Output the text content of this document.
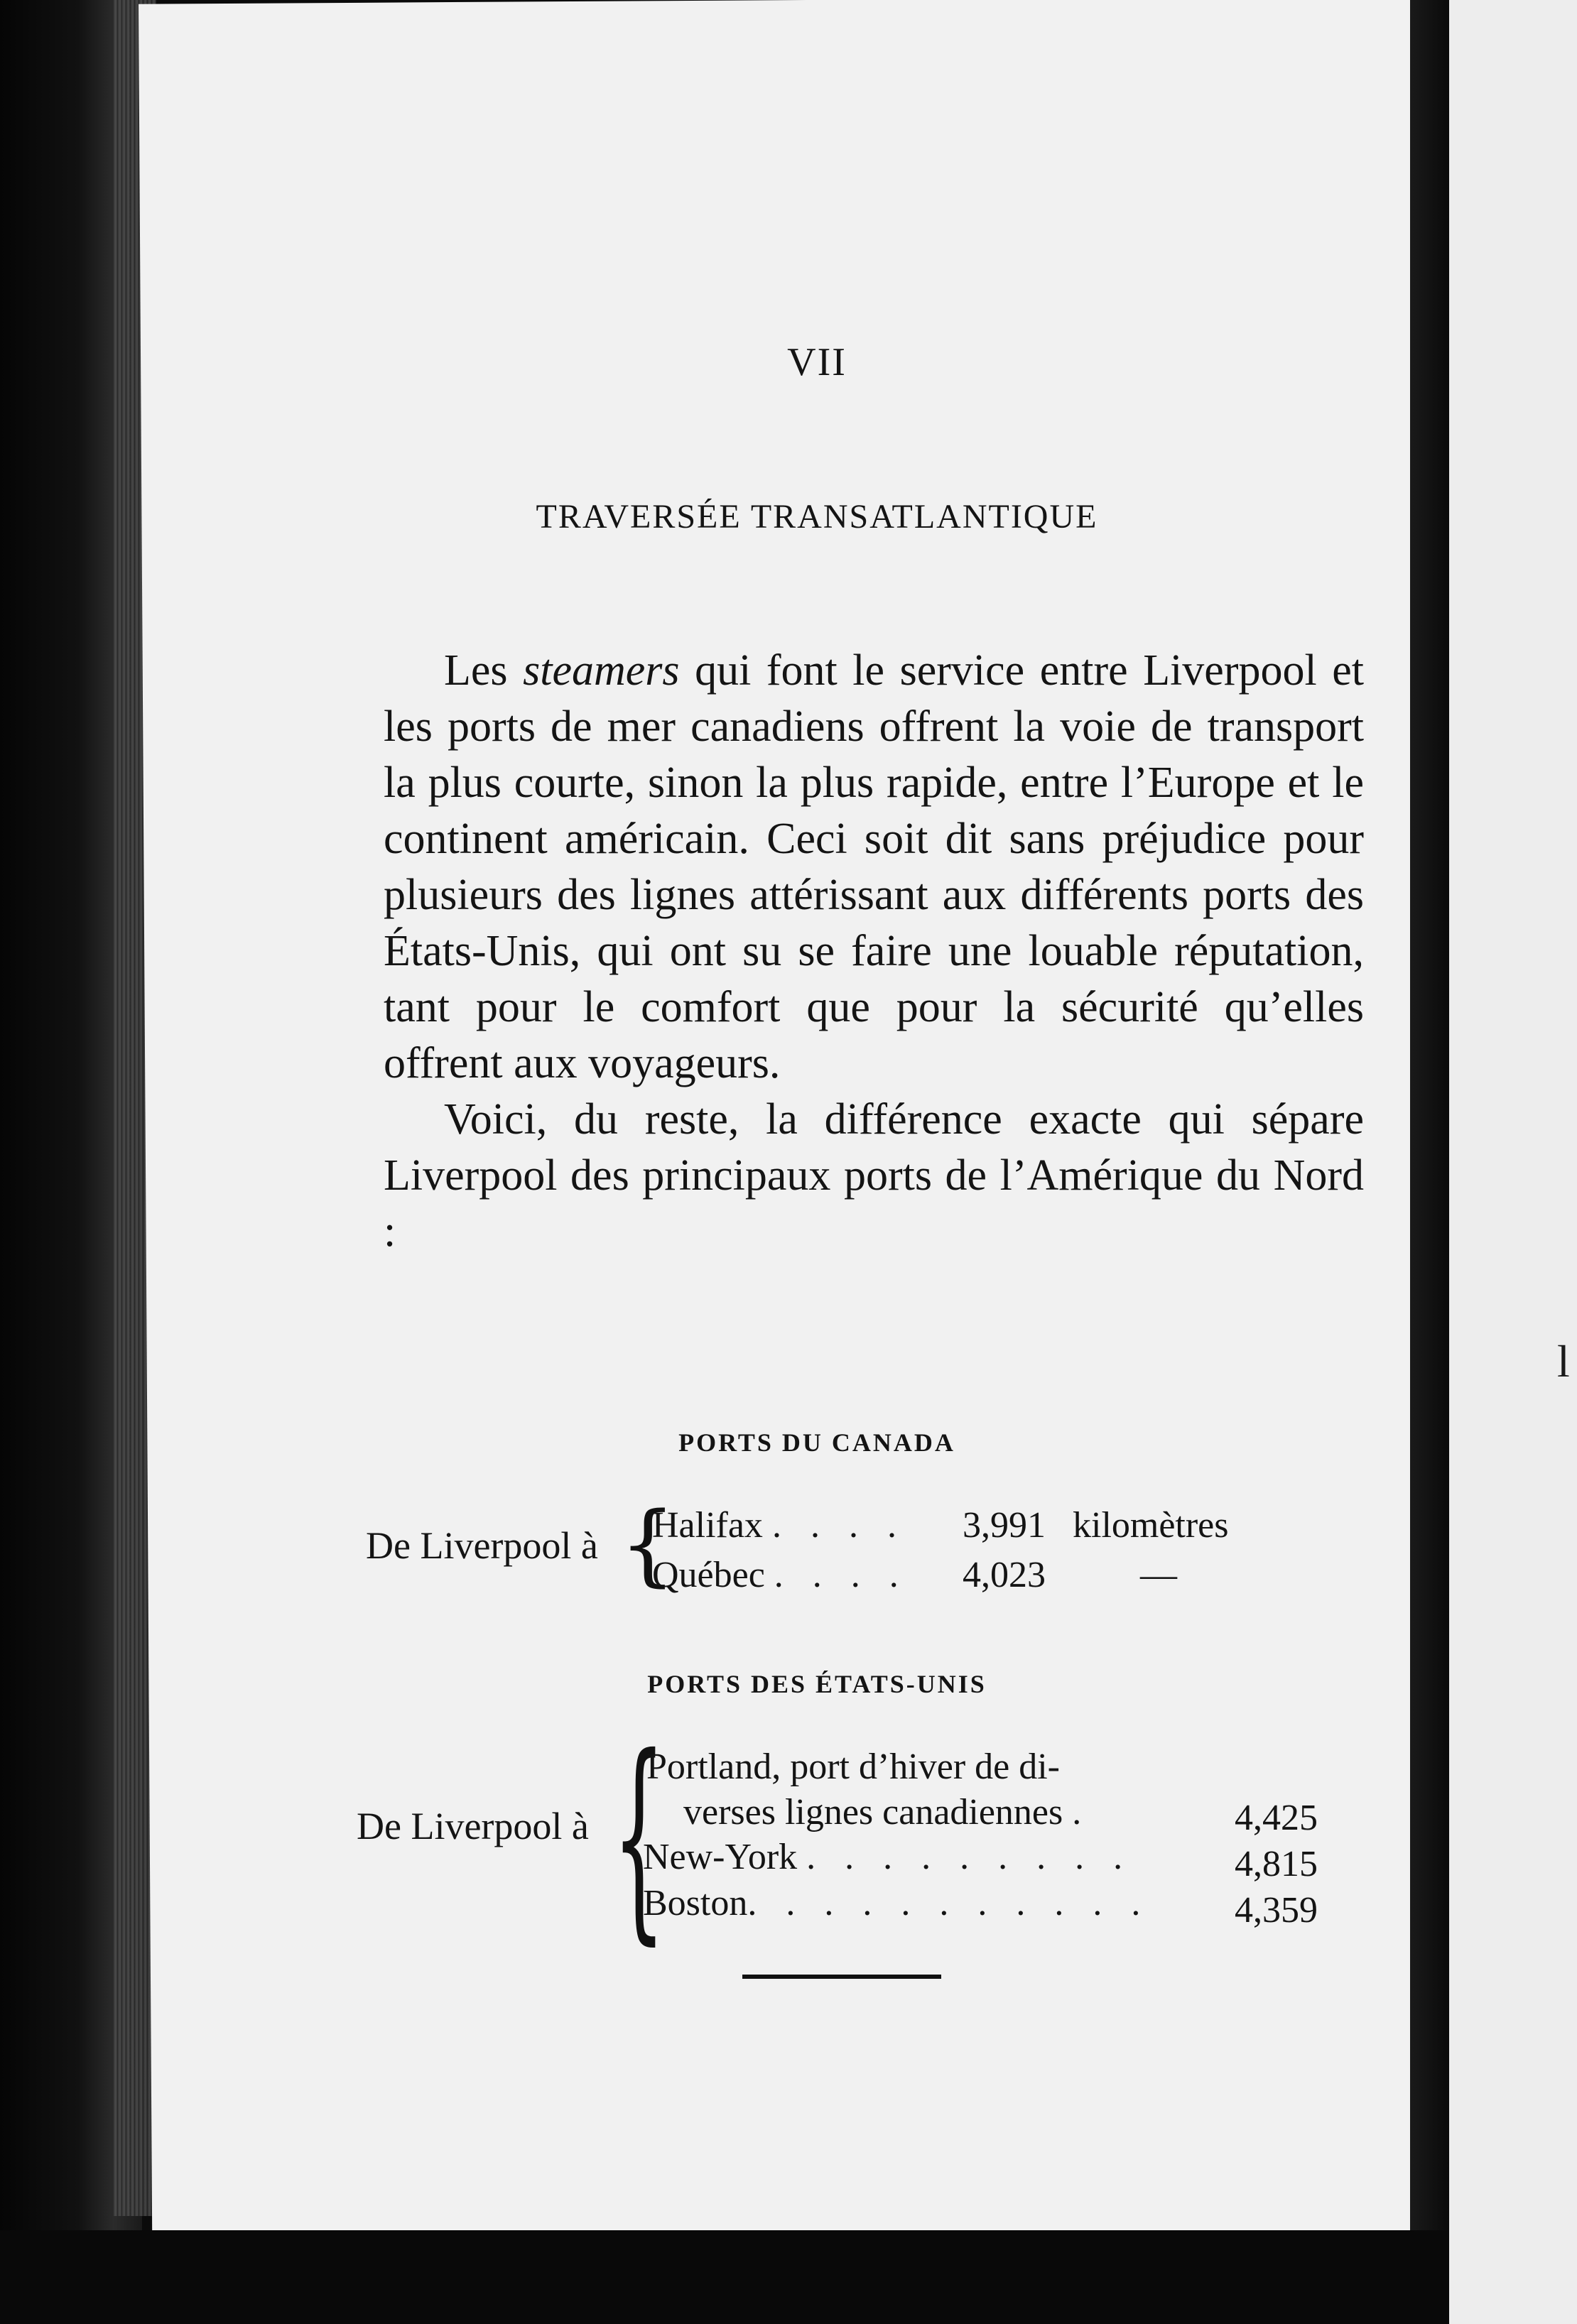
l
VII
TRAVERSÉE TRANSATLANTIQUE

Les steamers qui font le service entre Liverpool et les ports de mer canadiens offrent la voie de transport la plus courte, sinon la plus rapide, entre l’Europe et le continent américain. Ceci soit dit sans préjudice pour plusieurs des lignes attérissant aux différents ports des États-Unis, qui ont su se faire une louable réputation, tant pour le comfort que pour la sécurité qu’elles offrent aux voyageurs.

Voici, du reste, la différence exacte qui sépare Liverpool des principaux ports de l’Amérique du Nord :

PORTS DU CANADA
De Liverpool à {
Halifax . . . . 3,991 kilomètres
Québec . . . . 4,023	—
PORTS DES ÉTATS-UNIS
De Liverpool à {
Portland, port d’hiver de di-
verses lignes canadiennes .	4,425
New-York . . . . . . . . .	4,815
Boston. . . . . . . . . . . 4,359
